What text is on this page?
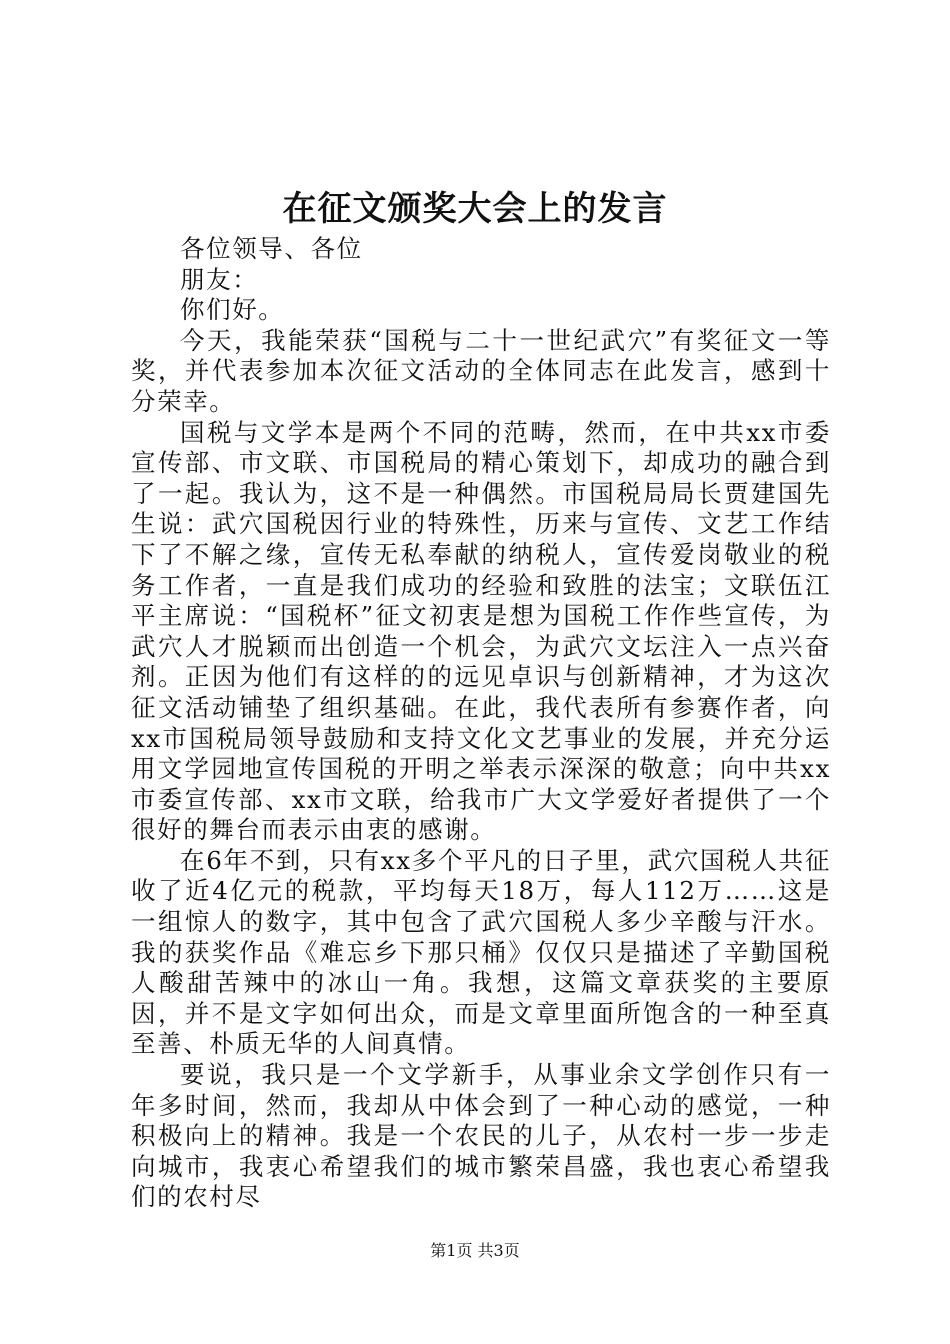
在征文颁奖大会上的发言

各位领导、各位

朋友：

你们好。

今天，我能荣获“国税与二十一世纪武穴”有奖征文一等奖，并代表参加本次征文活动的全体同志在此发言，感到十分荣幸。

国税与文学本是两个不同的范畴，然而，在中共xx市委宣传部、市文联、市国税局的精心策划下，却成功的融合到了一起。我认为，这不是一种偶然。市国税局局长贾建国先生说：武穴国税因行业的特殊性，历来与宣传、文艺工作结下了不解之缘，宣传无私奉献的纳税人，宣传爱岗敬业的税务工作者，一直是我们成功的经验和致胜的法宝；文联伍江平主席说：“国税杯”征文初衷是想为国税工作作些宣传，为武穴人才脱颖而出创造一个机会，为武穴文坛注入一点兴奋剂。正因为他们有这样的的远见卓识与创新精神，才为这次征文活动铺垫了组织基础。在此，我代表所有参赛作者，向xx市国税局领导鼓励和支持文化文艺事业的发展，并充分运用文学园地宣传国税的开明之举表示深深的敬意；向中共xx市委宣传部、xx市文联，给我市广大文学爱好者提供了一个很好的舞台而表示由衷的感谢。

在6年不到，只有xx多个平凡的日子里，武穴国税人共征收了近4亿元的税款，平均每天18万，每人112万……这是一组惊人的数字，其中包含了武穴国税人多少辛酸与汗水。我的获奖作品《难忘乡下那只桶》仅仅只是描述了辛勤国税人酸甜苦辣中的冰山一角。我想，这篇文章获奖的主要原因，并不是文字如何出众，而是文章里面所饱含的一种至真至善、朴质无华的人间真情。

要说，我只是一个文学新手，从事业余文学创作只有一年多时间，然而，我却从中体会到了一种心动的感觉，一种积极向上的精神。我是一个农民的儿子，从农村一步一步走向城市，我衷心希望我们的城市繁荣昌盛，我也衷心希望我们的农村尽

第1页 共3页
